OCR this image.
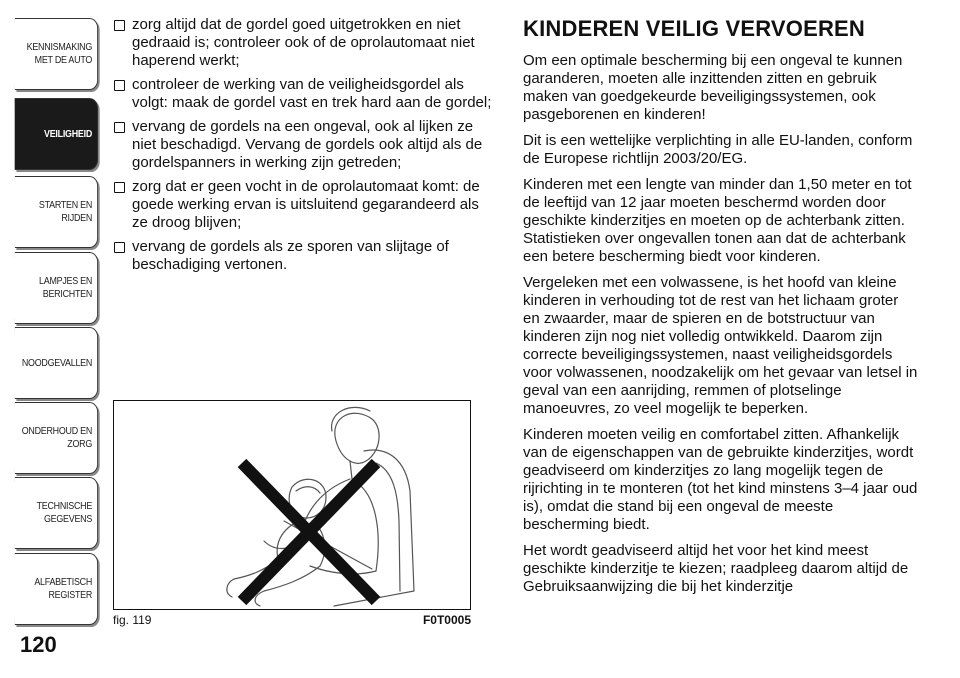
KENNISMAKING
MET DE AUTO
VEILIGHEID
STARTEN EN RIJDEN
LAMPJES EN
BERICHTEN
NOODGEVALLEN
ONDERHOUD EN
ZORG
TECHNISCHE
GEGEVENS
ALFABETISCH
REGISTER
120
zorg altijd dat de gordel goed uitgetrokken en niet gedraaid is; controleer ook of de oprolautomaat niet haperend werkt;
controleer de werking van de veiligheidsgordel als volgt: maak de gordel vast en trek hard aan de gordel;
vervang de gordels na een ongeval, ook al lijken ze niet beschadigd. Vervang de gordels ook altijd als de gordelspanners in werking zijn getreden;
zorg dat er geen vocht in de oprolautomaat komt: de goede werking ervan is uitsluitend gegarandeerd als ze droog blijven;
vervang de gordels als ze sporen van slijtage of beschadiging vertonen.
fig. 119	F0T0005
KINDEREN VEILIG VERVOEREN

Om een optimale bescherming bij een ongeval te kunnen garanderen, moeten alle inzittenden zitten en gebruik maken van goedgekeurde beveiligingssystemen, ook pasgeborenen en kinderen!

Dit is een wettelijke verplichting in alle EU-landen, conform de Europese richtlijn 2003/20/EG.

Kinderen met een lengte van minder dan 1,50 meter en tot de leeftijd van 12 jaar moeten beschermd worden door geschikte kinderzitjes en moeten op de achterbank zitten. Statistieken over ongevallen tonen aan dat de achterbank een betere bescherming biedt voor kinderen.

Vergeleken met een volwassene, is het hoofd van kleine kinderen in verhouding tot de rest van het lichaam groter en zwaarder, maar de spieren en de botstructuur van kinderen zijn nog niet volledig ontwikkeld. Daarom zijn correcte beveiligingssystemen, naast veiligheidsgordels voor volwassenen, noodzakelijk om het gevaar van letsel in geval van een aanrijding, remmen of plotselinge manoeuvres, zo veel mogelijk te beperken.

Kinderen moeten veilig en comfortabel zitten. Afhankelijk van de eigenschappen van de gebruikte kinderzitjes, wordt geadviseerd om kinderzitjes zo lang mogelijk tegen de rijrichting in te monteren (tot het kind minstens 3–4 jaar oud is), omdat die stand bij een ongeval de meeste bescherming biedt.

Het wordt geadviseerd altijd het voor het kind meest geschikte kinderzitje te kiezen; raadpleeg daarom altijd de Gebruiksaanwijzing die bij het kinderzitje
